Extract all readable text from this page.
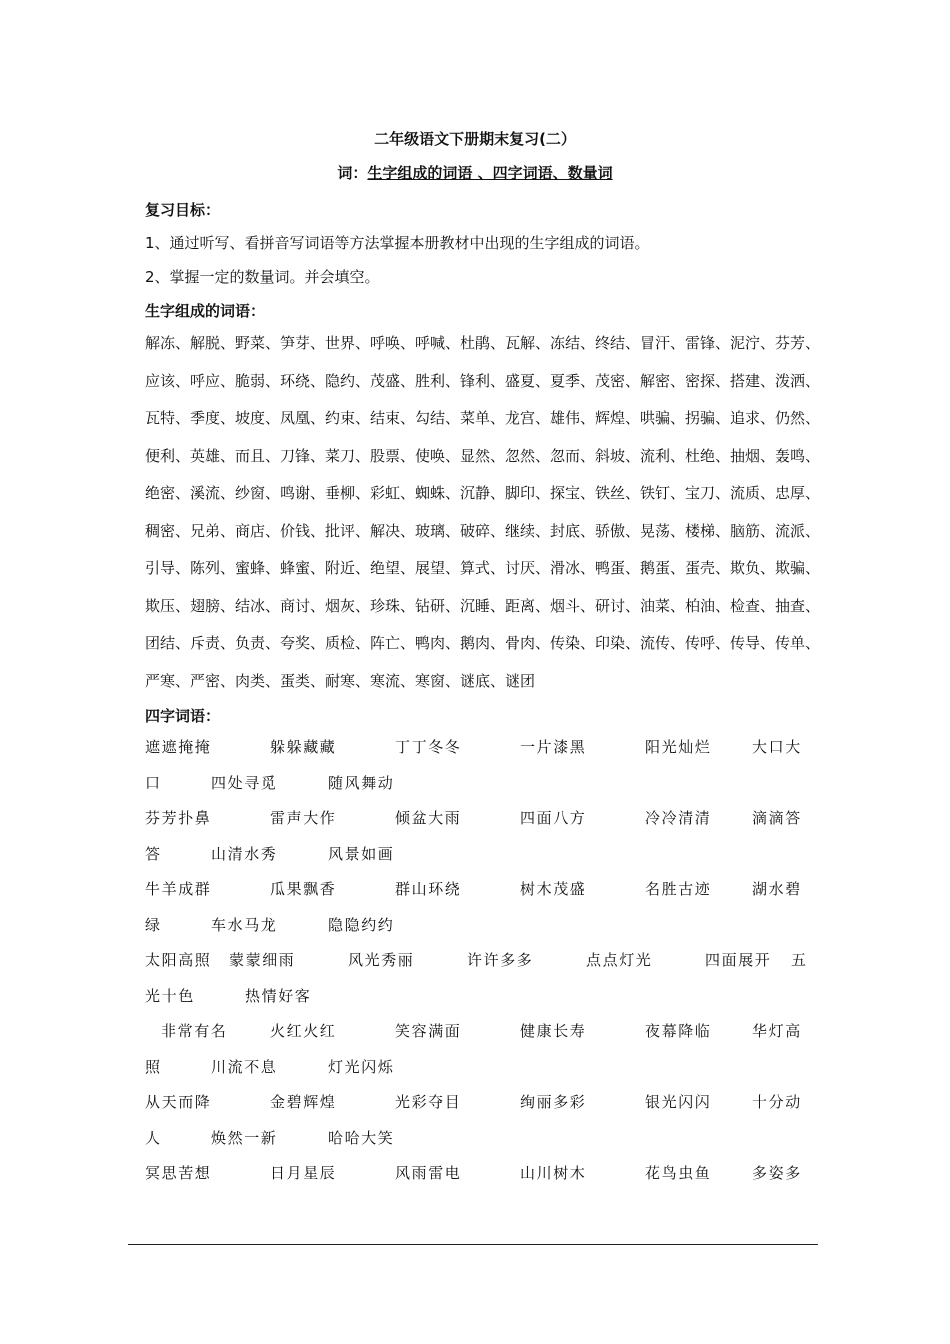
二年级语文下册期末复习(二）
词：生字组成的词语 、四字词语、数量词
复习目标：
1、通过听写、看拼音写词语等方法掌握本册教材中出现的生字组成的词语。
2、掌握一定的数量词。并会填空。
生字组成的词语：
解冻、解脱、野菜、笋芽、世界、呼唤、呼喊、杜鹃、瓦解、冻结、终结、冒汗、雷锋、泥泞、芬芳、
应该、呼应、脆弱、环绕、隐约、茂盛、胜利、锋利、盛夏、夏季、茂密、解密、密探、搭建、泼洒、
瓦特、季度、坡度、凤凰、约束、结束、勾结、菜单、龙宫、雄伟、辉煌、哄骗、拐骗、追求、仍然、
便利、英雄、而且、刀锋、菜刀、股票、使唤、显然、忽然、忽而、斜坡、流利、杜绝、抽烟、轰鸣、
绝密、溪流、纱窗、鸣谢、垂柳、彩虹、蜘蛛、沉静、脚印、探宝、铁丝、铁钉、宝刀、流质、忠厚、
稠密、兄弟、商店、价钱、批评、解决、玻璃、破碎、继续、封底、骄傲、晃荡、楼梯、脑筋、流派、
引导、陈列、蜜蜂、蜂蜜、附近、绝望、展望、算式、讨厌、滑冰、鸭蛋、鹅蛋、蛋壳、欺负、欺骗、
欺压、翅膀、结冰、商讨、烟灰、珍珠、钻研、沉睡、距离、烟斗、研讨、油菜、柏油、检查、抽查、
团结、斥责、负责、夸奖、质检、阵亡、鸭肉、鹅肉、骨肉、传染、印染、流传、传呼、传导、传单、
严寒、严密、肉类、蛋类、耐寒、寒流、寒窗、谜底、谜团
四字词语：
遮遮掩掩	躲躲藏藏	丁丁冬冬	一片漆黑	阳光灿烂	大口大
口	四处寻觅	随风舞动
芬芳扑鼻	雷声大作	倾盆大雨	四面八方	冷冷清清	滴滴答
答	山清水秀	风景如画
牛羊成群	瓜果飘香	群山环绕	树木茂盛	名胜古迹	湖水碧
绿	车水马龙	隐隐约约
太阳高照 蒙蒙细雨	风光秀丽	许许多多	点点灯光	四面展开 五
光十色	热情好客
非常有名	火红火红	笑容满面	健康长寿	夜幕降临	华灯高
照	川流不息	灯光闪烁
从天而降	金碧辉煌	光彩夺目	绚丽多彩	银光闪闪	十分动
人	焕然一新	哈哈大笑
冥思苦想	日月星辰	风雨雷电	山川树木	花鸟虫鱼	多姿多
